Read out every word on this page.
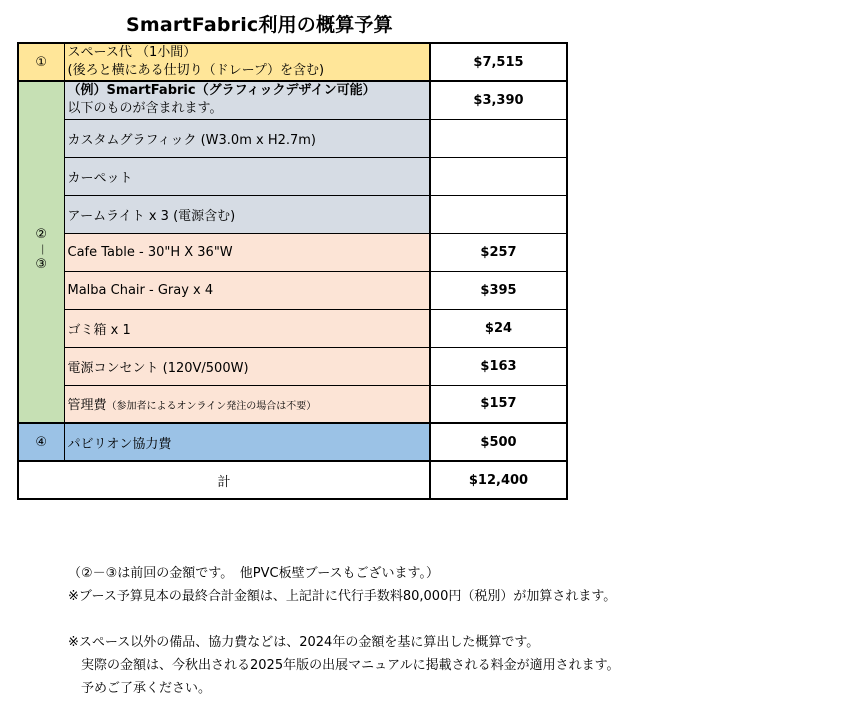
SmartFabric利用の概算予算
①	スペース代 （1小間）
(後ろと横にある仕切り（ドレープ）を含む)	$7,515
②－③	（例）SmartFabric（グラフィックデザイン可能）
以下のものが含まれます。	$3,390
	カスタムグラフィック (W3.0m x H2.7m)	
	カーペット	
	アームライト x 3 (電源含む)	
	Cafe Table - 30"H X 36"W	$257
	Malba Chair - Gray x 4	$395
	ゴミ箱 x 1	$24
	電源コンセント (120V/500W)	$163
	管理費（参加者によるオンライン発注の場合は不要）	$157
④	パビリオン協力費	$500
計		$12,400
（②－③は前回の金額です。　他PVC板壁ブースもございます。）
※ブース予算見本の最終合計金額は、上記計に代行手数料80,000円（税別）が加算されます。

※スペース以外の備品、協力費などは、2024年の金額を基に算出した概算です。
　実際の金額は、今秋出される2025年版の出展マニュアルに掲載される料金が適用されます。
　予めご了承ください。
